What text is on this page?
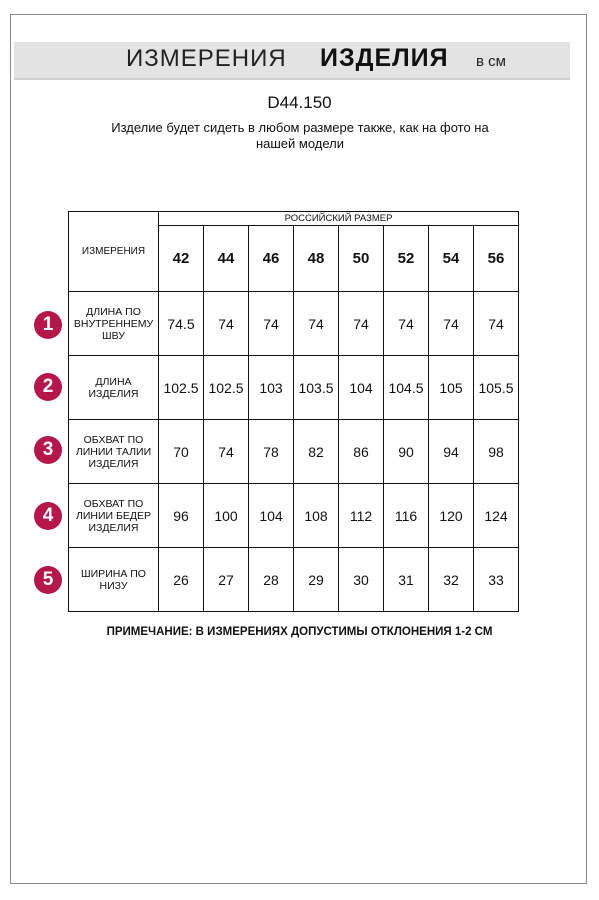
ИЗМЕРЕНИЯ ИЗДЕЛИЯ в см
D44.150
Изделие будет сидеть в любом размере также, как на фото на
нашей модели
ИЗМЕРЕНИЯ	РОССИЙСКИЙ РАЗМЕР							
	42	44	46	48	50	52	54	56

ДЛИНА ПО
ВНУТРЕННЕМУ
ШВУ	74.5	74	74	74	74	74	74	74

ДЛИНА
ИЗДЕЛИЯ	102.5	102.5	103	103.5	104	104.5	105	105.5

ОБХВАТ ПО
ЛИНИИ ТАЛИИ
ИЗДЕЛИЯ	70	74	78	82	86	90	94	98

ОБХВАТ ПО
ЛИНИИ БЕДЕР
ИЗДЕЛИЯ	96	100	104	108	112	116	120	124

ШИРИНА ПО
НИЗУ	26	27	28	29	30	31	32	33
1
2
3
4
5
ПРИМЕЧАНИЕ: В ИЗМЕРЕНИЯХ ДОПУСТИМЫ ОТКЛОНЕНИЯ 1-2 СМ
